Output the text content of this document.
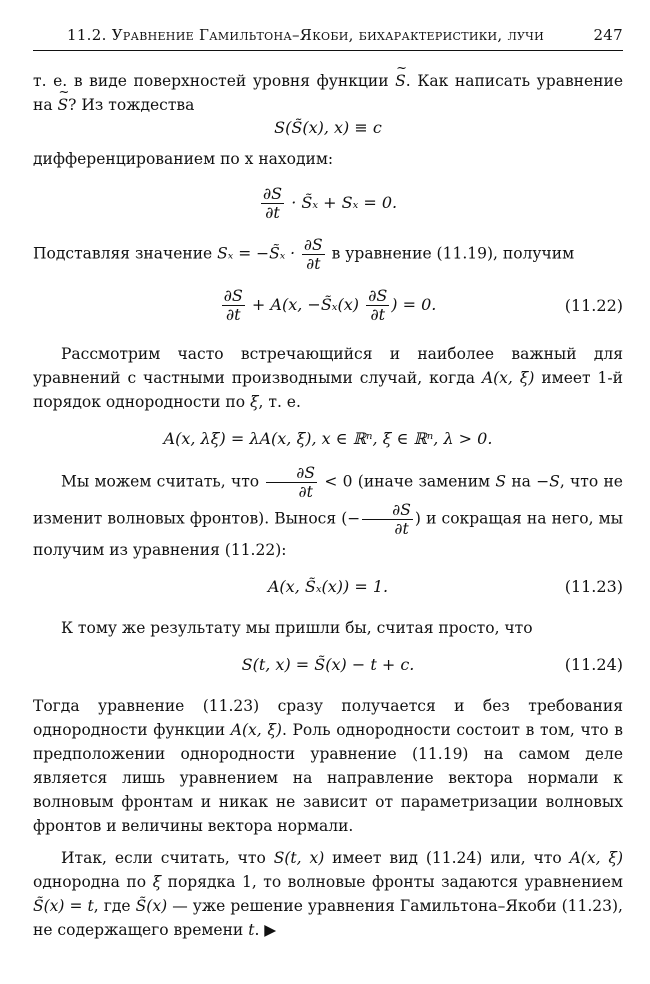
11.2. Уравнение Гамильтона–Якоби, бихарактеристики, лучи	247

т. е. в виде поверхностей уровня функции ~ S. Как написать уравнение на ~ S? Из тождества

S(S̃(x), x) ≡ c

дифференцированием по x находим:

$\frac{\partial S}{\partial t}$ · S̃ₓ + Sₓ = 0.

Подставляя значение Sₓ = −S̃ₓ · $\frac{\partial S}{\partial t}$ в уравнение (11.19), получим

$\frac{\partial S}{\partial t} + A(x$, −S̃ₓ(x) $\frac{\partial S}{\partial t}$ ) = 0.	(11.22)

Рассмотрим часто встречающийся и наиболее важный для уравнений с частными производными случай, когда A(x, ξ) имеет 1-й порядок однородности по ξ, т. е.

A(x, λξ) = λA(x, ξ), x ∈ ℝⁿ, ξ ∈ ℝⁿ, λ > 0.

Мы можем считать, что $\frac{\partial S}{\partial t} < 0$ (иначе заменим S на −S, что не изменит волновых фронтов). Вынося (− $\frac{\partial S}{\partial t}$ ) и сокращая на него, мы получим из уравнения (11.22):

A(x, S̃ₓ(x)) = 1.	(11.23)

К тому же результату мы пришли бы, считая просто, что

S(t, x) = S̃(x) − t + c.	(11.24)

Тогда уравнение (11.23) сразу получается и без требования однородности функции A(x, ξ). Роль однородности состоит в том, что в предположении однородности уравнение (11.19) на самом деле является лишь уравнением на направление вектора нормали к волновым фронтам и никак не зависит от параметризации волновых фронтов и величины вектора нормали.

Итак, если считать, что S(t, x) имеет вид (11.24) или, что A(x, ξ) однородна по ξ порядка 1, то волновые фронты задаются уравнением S̃(x) = t, где S̃(x) — уже решение уравнения Гамильтона–Якоби (11.23), не содержащего времени t. ▶
